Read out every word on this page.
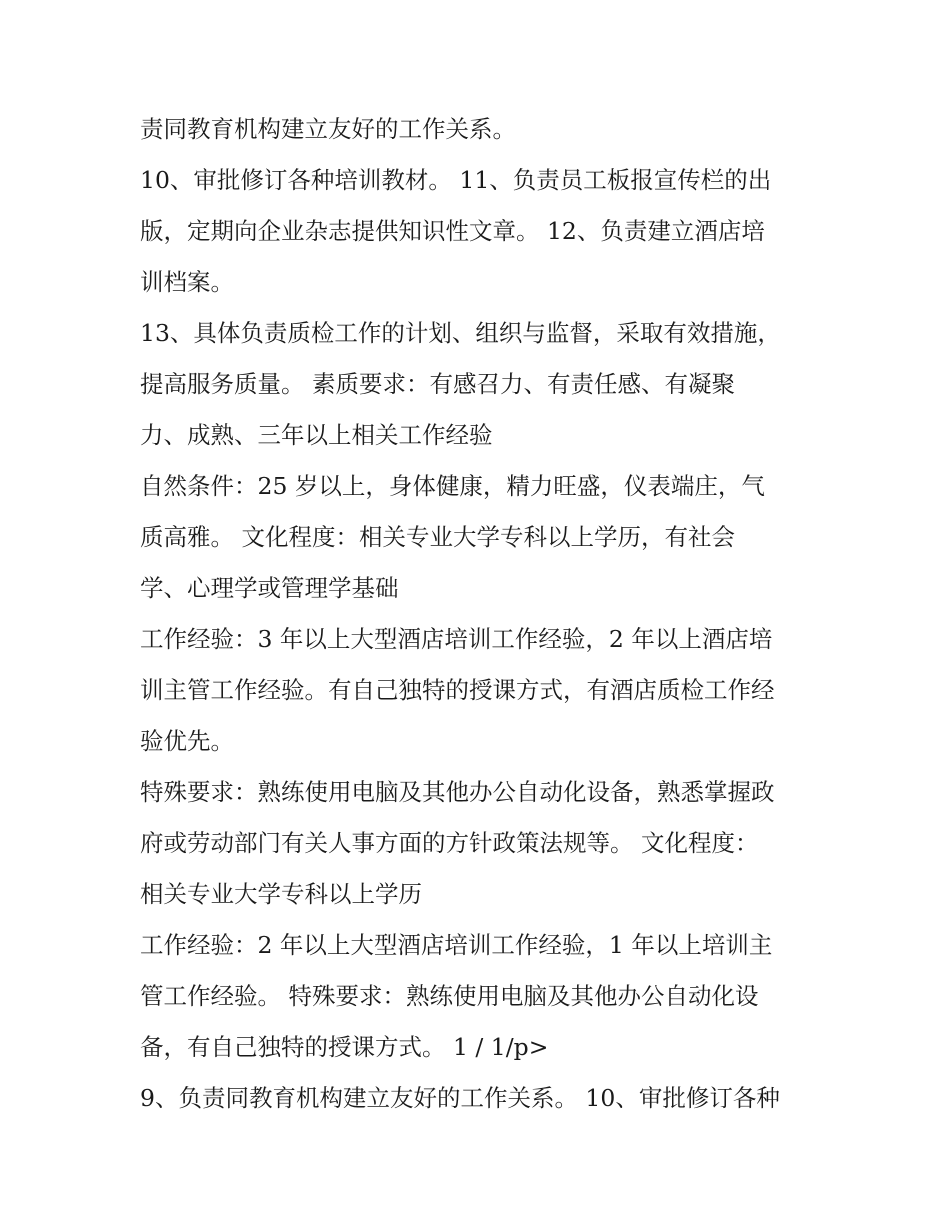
责同教育机构建立友好的工作关系。

10、审批修订各种培训教材。 11、负责员工板报宣传栏的出

版，定期向企业杂志提供知识性文章。 12、负责建立酒店培

训档案。

13、具体负责质检工作的计划、组织与监督，采取有效措施，

提高服务质量。 素质要求：有感召力、有责任感、有凝聚

力、成熟、三年以上相关工作经验

自然条件：25 岁以上，身体健康，精力旺盛，仪表端庄，气

质高雅。 文化程度：相关专业大学专科以上学历，有社会

学、心理学或管理学基础

工作经验：3 年以上大型酒店培训工作经验，2 年以上酒店培

训主管工作经验。有自己独特的授课方式，有酒店质检工作经

验优先。

特殊要求：熟练使用电脑及其他办公自动化设备，熟悉掌握政

府或劳动部门有关人事方面的方针政策法规等。 文化程度：

相关专业大学专科以上学历

工作经验：2 年以上大型酒店培训工作经验，1 年以上培训主

管工作经验。 特殊要求：熟练使用电脑及其他办公自动化设

备，有自己独特的授课方式。 1 / 1/p>

9、负责同教育机构建立友好的工作关系。 10、审批修订各种
